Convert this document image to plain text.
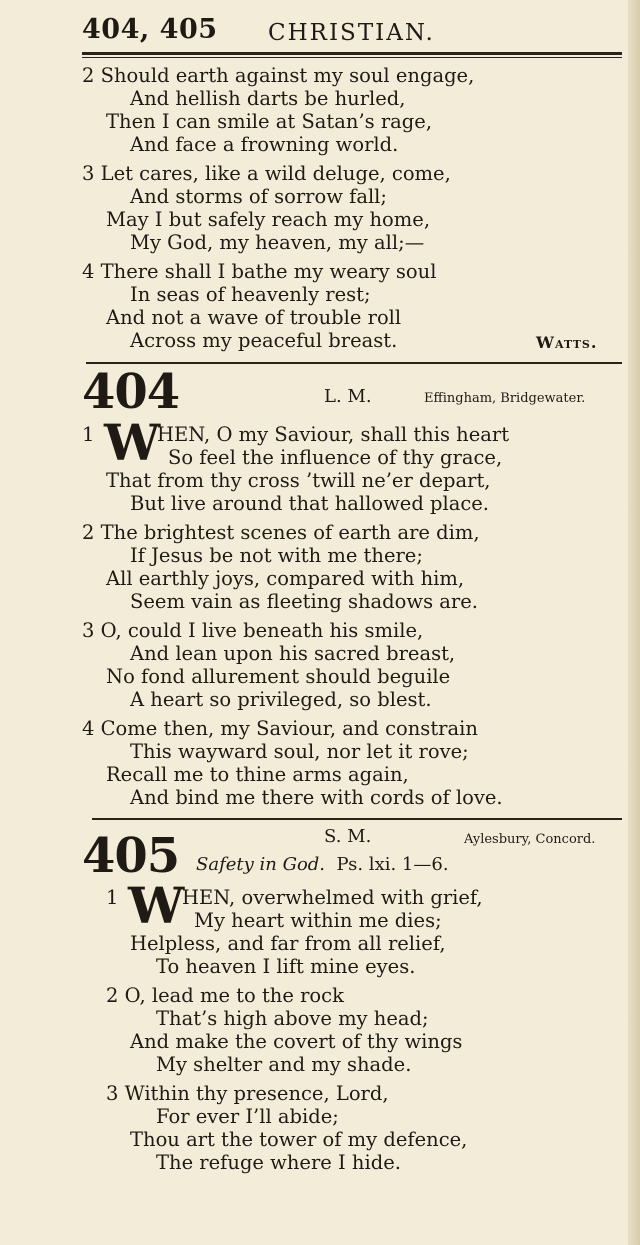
404, 405 CHRISTIAN.
2 Should earth against my soul engage,
And hellish darts be hurled,
Then I can smile at Satan’s rage,
And face a frowning world.
3 Let cares, like a wild deluge, come,
And storms of sorrow fall;
May I but safely reach my home,
My God, my heaven, my all;—
4 There shall I bathe my weary soul
In seas of heavenly rest;
And not a wave of trouble roll
Across my peaceful breast.	Watts.
404	L. M.	Effingham, Bridgewater.
1 W
HEN, O my Saviour, shall this heart
So feel the influence of thy grace,
That from thy cross ’twill ne’er depart,
But live around that hallowed place.
2 The brightest scenes of earth are dim,
If Jesus be not with me there;
All earthly joys, compared with him,
Seem vain as fleeting shadows are.
3 O, could I live beneath his smile,
And lean upon his sacred breast,
No fond allurement should beguile
A heart so privileged, so blest.
4 Come then, my Saviour, and constrain
This wayward soul, nor let it rove;
Recall me to thine arms again,
And bind me there with cords of love.
405	S. M.	Aylesbury, Concord.
Safety in God. Ps. lxi. 1—6.
1 W
HEN, overwhelmed with grief,
My heart within me dies;
Helpless, and far from all relief,
To heaven I lift mine eyes.
2 O, lead me to the rock
That’s high above my head;
And make the covert of thy wings
My shelter and my shade.
3 Within thy presence, Lord,
For ever I’ll abide;
Thou art the tower of my defence,
The refuge where I hide.
